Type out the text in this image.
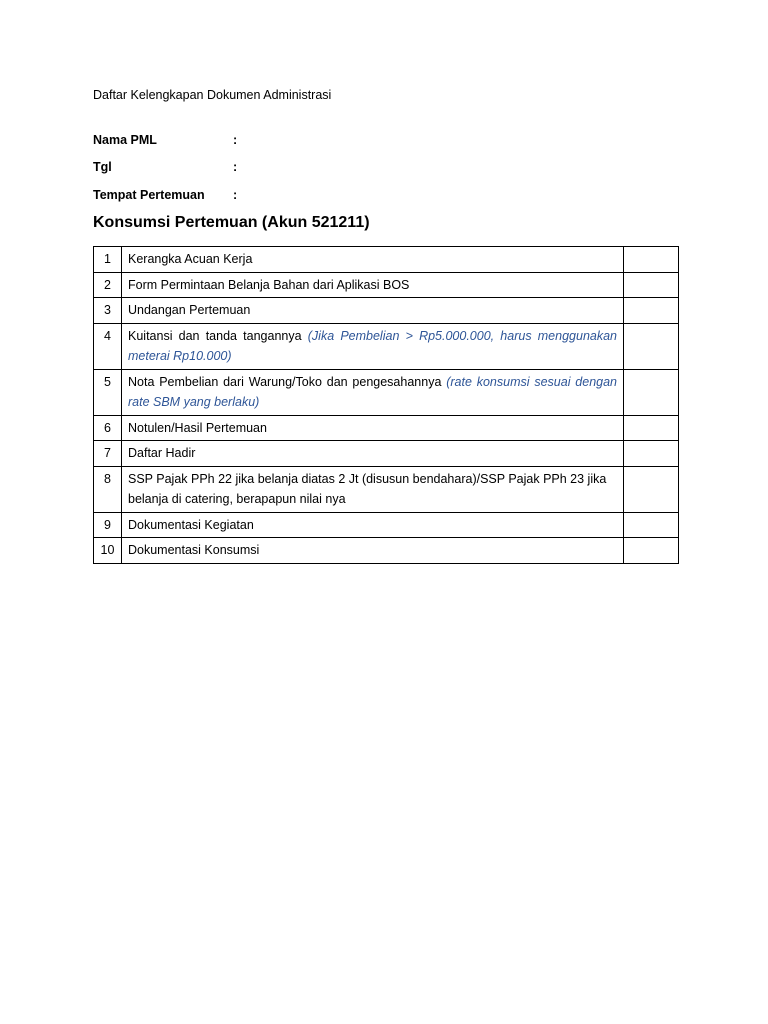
Daftar Kelengkapan Dokumen Administrasi
Nama PML	:
Tgl	:
Tempat Pertemuan :
Konsumsi Pertemuan (Akun 521211)
1	Kerangka Acuan Kerja	
2	Form Permintaan Belanja Bahan dari Aplikasi BOS	
3	Undangan Pertemuan	
4	Kuitansi dan tanda tangannya (Jika Pembelian > Rp5.000.000, harus menggunakan meterai Rp10.000)	
5	Nota Pembelian dari Warung/Toko dan pengesahannya (rate konsumsi sesuai dengan rate SBM yang berlaku)	
6	Notulen/Hasil Pertemuan	
7	Daftar Hadir	
8	SSP Pajak PPh 22 jika belanja diatas 2 Jt (disusun bendahara)/SSP Pajak PPh 23 jika belanja di catering, berapapun nilai nya	
9	Dokumentasi Kegiatan	
10	Dokumentasi Konsumsi	
